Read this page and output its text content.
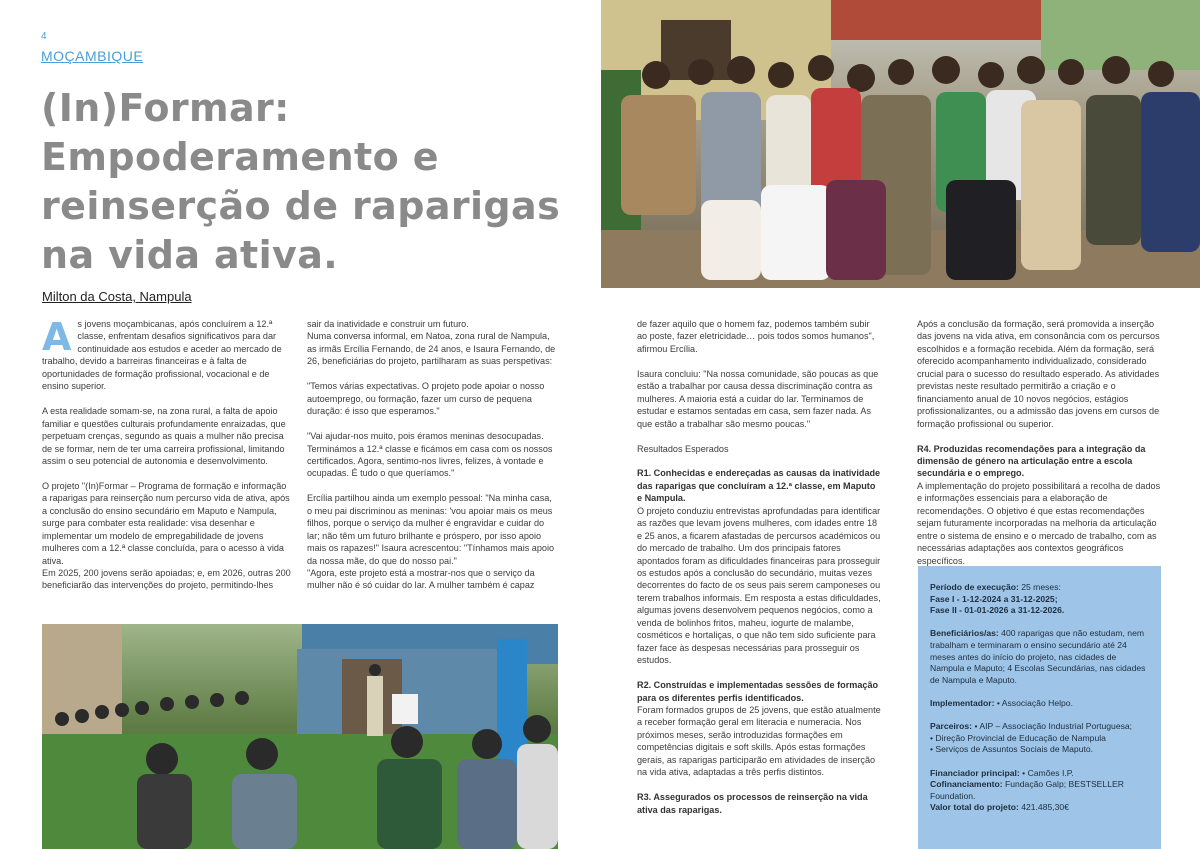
4
MOÇAMBIQUE
(In)Formar: Empoderamento e reinserção de raparigas na vida ativa.
Milton da Costa, Nampula

As jovens moçambicanas, após concluírem a 12.ª classe, enfrentam desafios significativos para dar continuidade aos estudos e aceder ao mercado de trabalho, devido a barreiras financeiras e à falta de oportunidades de formação profissional, vocacional e de ensino superior.

A esta realidade somam-se, na zona rural, a falta de apoio familiar e questões culturais profundamente enraizadas, que perpetuam crenças, segundo as quais a mulher não precisa de se formar, nem de ter uma carreira profissional, limitando assim o seu potencial de autonomia e desenvolvimento.

O projeto "(In)Formar – Programa de formação e informação a raparigas para reinserção num percurso vida de ativa, após a conclusão do ensino secundário em Maputo e Nampula, surge para combater esta realidade: visa desenhar e implementar um modelo de empregabilidade de jovens mulheres com a 12.ª classe concluída, para o acesso à vida ativa.

Em 2025, 200 jovens serão apoiadas; e, em 2026, outras 200 beneficiarão das intervenções do projeto, permitindo-lhes

sair da inatividade e construir um futuro.

Numa conversa informal, em Natoa, zona rural de Nampula, as irmãs Ercília Fernando, de 24 anos, e Isaura Fernando, de 26, beneficiárias do projeto, partilharam as suas perspetivas:

"Temos várias expectativas. O projeto pode apoiar o nosso autoemprego, ou formação, fazer um curso de pequena duração: é isso que esperamos."

"Vai ajudar-nos muito, pois éramos meninas desocupadas. Terminámos a 12.ª classe e ficámos em casa com os nossos certificados. Agora, sentimo-nos livres, felizes, à vontade e ocupadas. É tudo o que queríamos."

Ercília partilhou ainda um exemplo pessoal: "Na minha casa, o meu pai discriminou as meninas: 'vou apoiar mais os meus filhos, porque o serviço da mulher é engravidar e cuidar do lar; não têm um futuro brilhante e próspero, por isso apoio mais os rapazes!" Isaura acrescentou: "Tínhamos mais apoio da nossa mãe, do que do nosso pai."

"Agora, este projeto está a mostrar-nos que o serviço da mulher não é só cuidar do lar. A mulher também é capaz

de fazer aquilo que o homem faz, podemos também subir ao poste, fazer eletricidade… pois todos somos humanos", afirmou Ercília.

Isaura concluiu: "Na nossa comunidade, são poucas as que estão a trabalhar por causa dessa discriminação contra as mulheres. A maioria está a cuidar do lar. Terminamos de estudar e estamos sentadas em casa, sem fazer nada. As que estão a trabalhar são mesmo poucas."

Resultados Esperados

R1. Conhecidas e endereçadas as causas da inatividade das raparigas que concluíram a 12.ª classe, em Maputo e Nampula.

O projeto conduziu entrevistas aprofundadas para identificar as razões que levam jovens mulheres, com idades entre 18 e 25 anos, a ficarem afastadas de percursos académicos ou do mercado de trabalho. Um dos principais fatores apontados foram as dificuldades financeiras para prosseguir os estudos após a conclusão do secundário, muitas vezes decorrentes do facto de os seus pais serem camponeses ou terem trabalhos informais. Em resposta a estas dificuldades, algumas jovens desenvolvem pequenos negócios, como a venda de bolinhos fritos, maheu, iogurte de malambe, cosméticos e hortaliças, o que não tem sido suficiente para fazer face às despesas necessárias para prosseguir os estudos.

R2. Construídas e implementadas sessões de formação para os diferentes perfis identificados.

Foram formados grupos de 25 jovens, que estão atualmente a receber formação geral em literacia e numeracia. Nos próximos meses, serão introduzidas formações em competências digitais e soft skills. Após estas formações gerais, as raparigas participarão em atividades de inserção na vida ativa, adaptadas a três perfis distintos.

R3. Assegurados os processos de reinserção na vida ativa das raparigas.

Após a conclusão da formação, será promovida a inserção das jovens na vida ativa, em consonância com os percursos escolhidos e a formação recebida. Além da formação, será oferecido acompanhamento individualizado, considerado crucial para o sucesso do resultado esperado. As atividades previstas neste resultado permitirão a criação e o financiamento anual de 10 novos negócios, estágios profissionalizantes, ou a admissão das jovens em cursos de formação profissional ou superior.

R4. Produzidas recomendações para a integração da dimensão de género na articulação entre a escola secundária e o emprego.

A implementação do projeto possibilitará a recolha de dados e informações essenciais para a elaboração de recomendações. O objetivo é que estas recomendações sejam futuramente incorporadas na melhoria da articulação entre o sistema de ensino e o mercado de trabalho, com as necessárias adaptações aos contextos geográficos específicos.

Período de execução: 25 meses:
Fase I - 1-12-2024 a 31-12-2025;
Fase II - 01-01-2026 a 31-12-2026.

Beneficiários/as: 400 raparigas que não estudam, nem trabalham e terminaram o ensino secundário até 24 meses antes do início do projeto, nas cidades de Nampula e Maputo; 4 Escolas Secundárias, nas cidades de Nampula e Maputo.

Implementador: • Associação Helpo.

Parceiros: • AIP – Associação Industrial Portuguesa;
• Direção Provincial de Educação de Nampula
• Serviços de Assuntos Sociais de Maputo.

Financiador principal: • Camões I.P.
Cofinanciamento: Fundação Galp; BESTSELLER Foundation.
Valor total do projeto: 421.485,30€
